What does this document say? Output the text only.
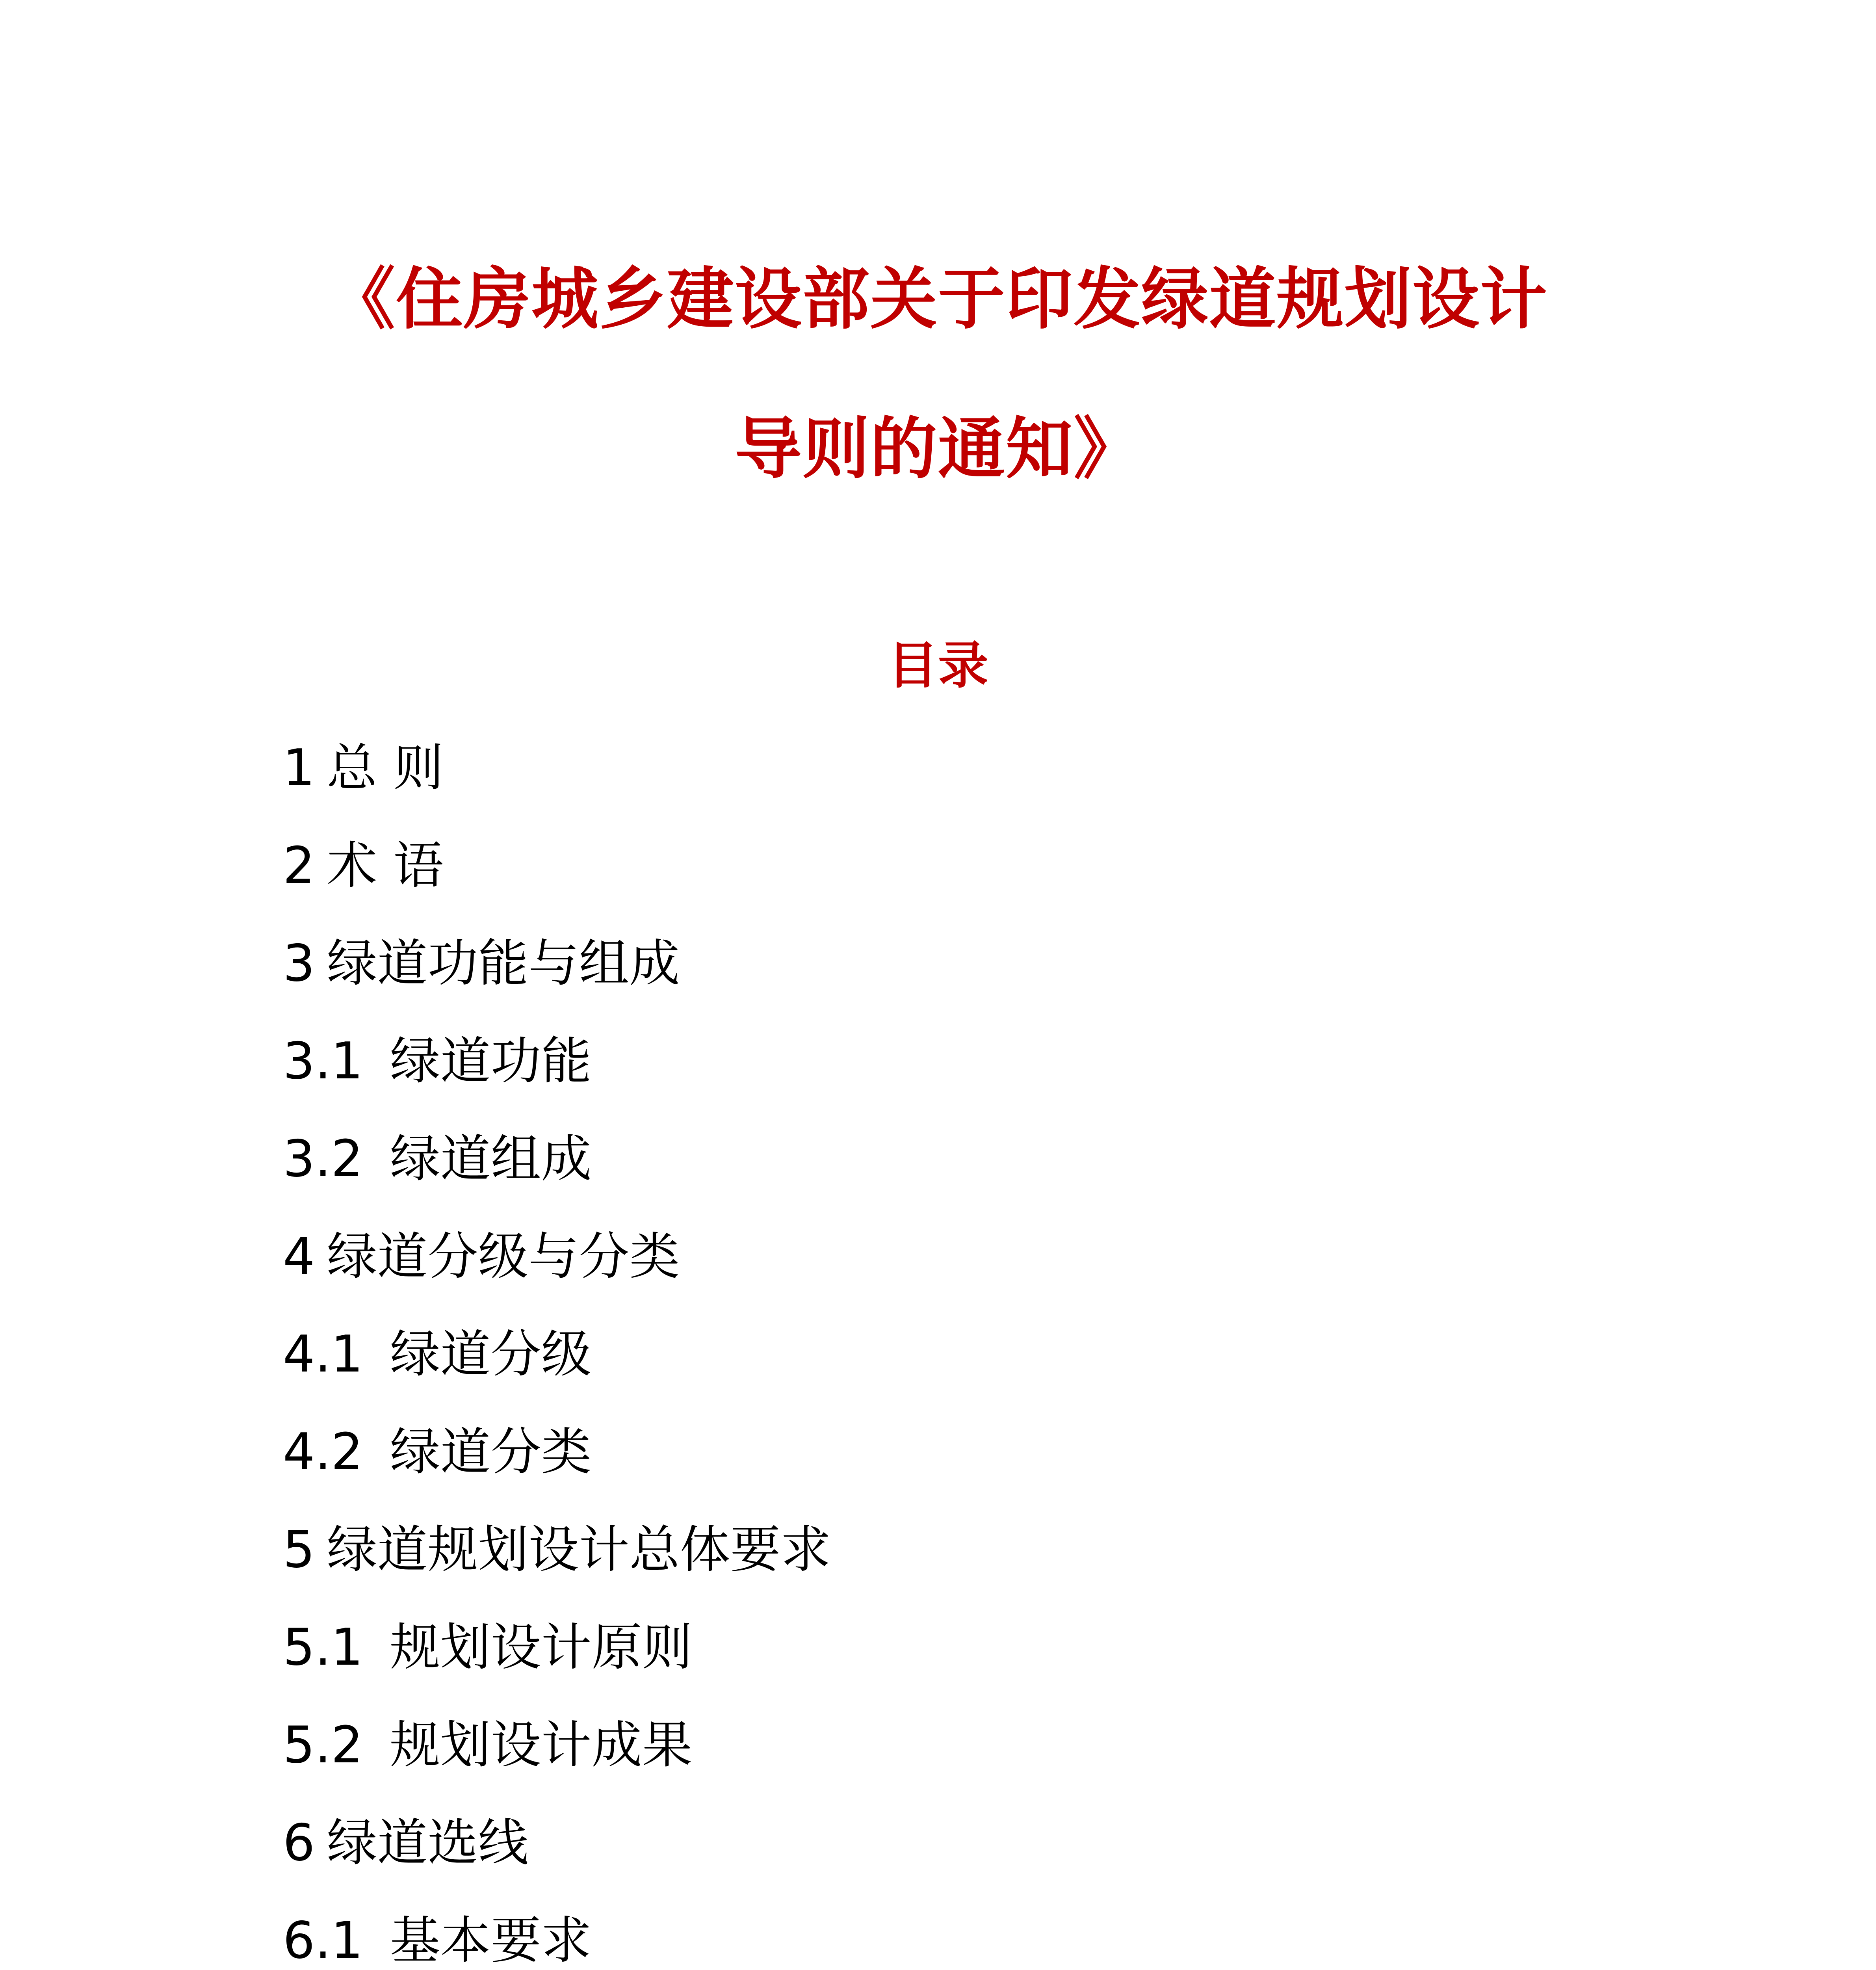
《住房城乡建设部关于印发绿道规划设计
导则的通知》
目录
1 总 则
2 术 语
3 绿道功能与组成
3.1 绿道功能
3.2 绿道组成
4 绿道分级与分类
4.1 绿道分级
4.2 绿道分类
5 绿道规划设计总体要求
5.1 规划设计原则
5.2 规划设计成果
6 绿道选线
6.1 基本要求
